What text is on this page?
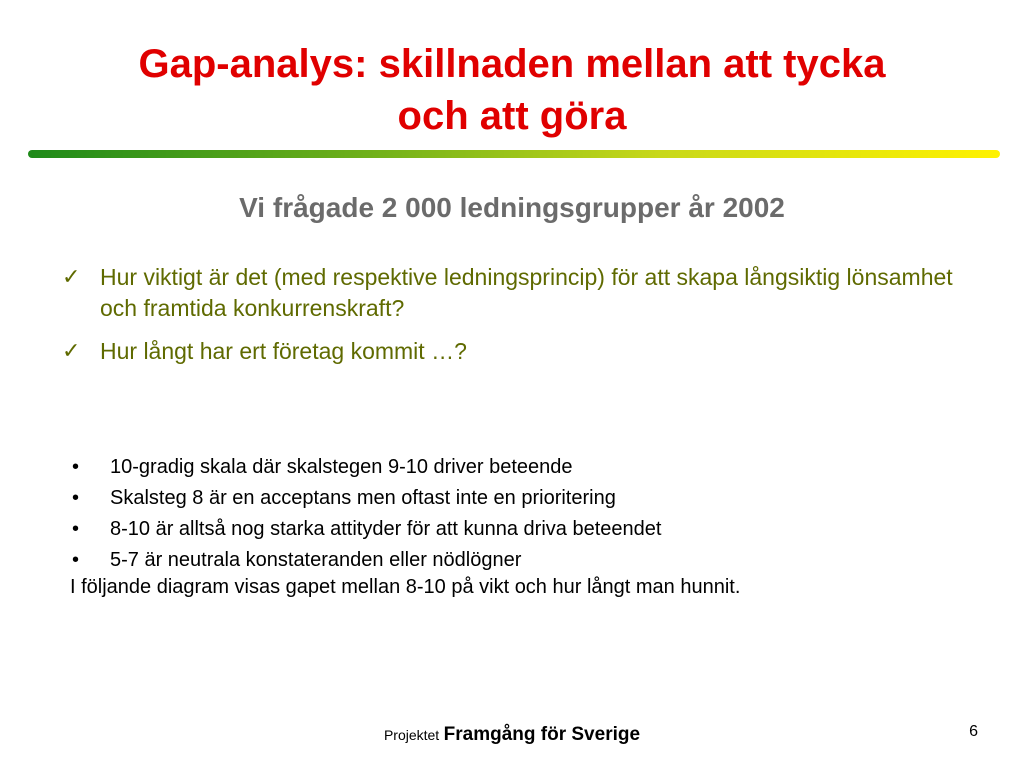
Gap-analys: skillnaden mellan att tycka
och att göra
Vi frågade 2 000 ledningsgrupper år 2002
✓ Hur viktigt är det (med respektive ledningsprincip) för att skapa långsiktig lönsamhet och framtida konkurrenskraft?
✓ Hur långt har ert företag kommit …?
• 10-gradig skala där skalstegen 9-10 driver beteende
• Skalsteg 8 är en acceptans men oftast inte en prioritering
• 8-10 är alltså nog starka attityder för att kunna driva beteendet
• 5-7 är neutrala konstateranden eller nödlögner
I följande diagram visas gapet mellan 8-10 på vikt och hur långt man hunnit.
Projektet Framgång för Sverige	6
